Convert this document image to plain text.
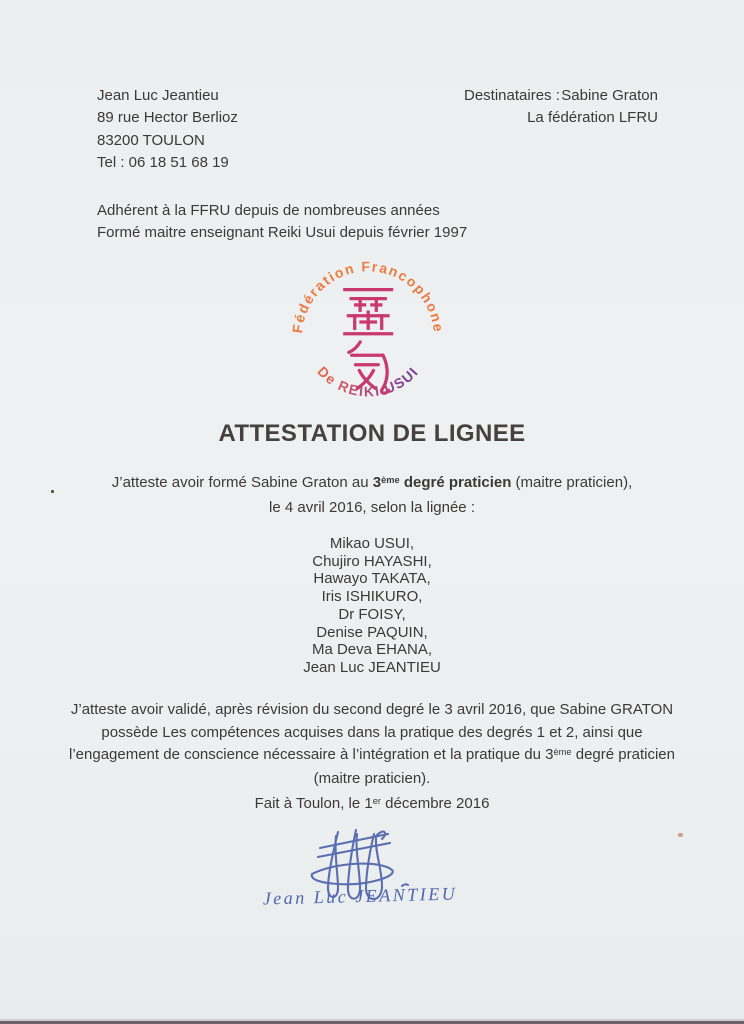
Jean Luc Jeantieu
89 rue Hector Berlioz
83200 TOULON
Tel : 06 18 51 68 19
Destinataires : Sabine Graton
La fédération LFRU
Adhérent à la FFRU depuis de nombreuses années
Formé maitre enseignant Reiki Usui depuis février 1997
Fédération Francophone
De REIKI USUI
ATTESTATION DE LIGNEE
J’atteste avoir formé Sabine Graton au 3ème degré praticien (maitre praticien),
le 4 avril 2016, selon la lignée :
Mikao USUI,
Chujiro HAYASHI,
Hawayo TAKATA,
Iris ISHIKURO,
Dr FOISY,
Denise PAQUIN,
Ma Deva EHANA,
Jean Luc JEANTIEU
J’atteste avoir validé, après révision du second degré le 3 avril 2016, que Sabine GRATON
possède Les compétences acquises dans la pratique des degrés 1 et 2, ainsi que
l’engagement de conscience nécessaire à l’intégration et la pratique du 3ème degré praticien
(maitre praticien).
Fait à Toulon, le 1er décembre 2016
Jean Luc JEANTIEU
